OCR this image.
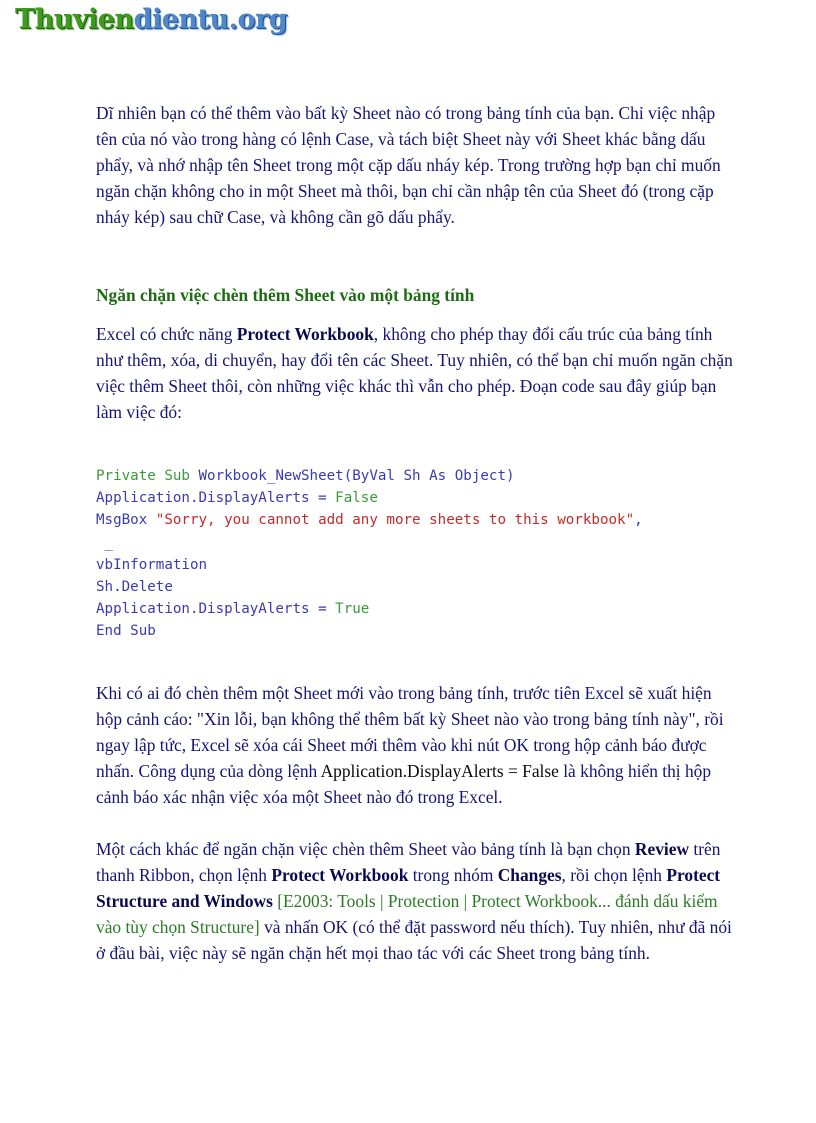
Thuviendientu.org

Dĩ nhiên bạn có thể thêm vào bất kỳ Sheet nào có trong bảng tính của bạn. Chỉ việc nhập tên của nó vào trong hàng có lệnh Case, và tách biệt Sheet này với Sheet khác bằng dấu phẩy, và nhớ nhập tên Sheet trong một cặp dấu nháy kép. Trong trường hợp bạn chỉ muốn ngăn chặn không cho in một Sheet mà thôi, bạn chỉ cần nhập tên của Sheet đó (trong cặp nháy kép) sau chữ Case, và không cần gõ dấu phẩy.

Ngăn chặn việc chèn thêm Sheet vào một bảng tính

Excel có chức năng Protect Workbook, không cho phép thay đổi cấu trúc của bảng tính như thêm, xóa, di chuyển, hay đổi tên các Sheet. Tuy nhiên, có thể bạn chỉ muốn ngăn chặn việc thêm Sheet thôi, còn những việc khác thì vẫn cho phép. Đoạn code sau đây giúp bạn làm việc đó:

Private Sub Workbook_NewSheet(ByVal Sh As Object)
Application.DisplayAlerts = False
MsgBox "Sorry, you cannot add any more sheets to this workbook",
_
vbInformation
Sh.Delete
Application.DisplayAlerts = True
End Sub

Khi có ai đó chèn thêm một Sheet mới vào trong bảng tính, trước tiên Excel sẽ xuất hiện hộp cảnh cáo: "Xin lỗi, bạn không thể thêm bất kỳ Sheet nào vào trong bảng tính này", rồi ngay lập tức, Excel sẽ xóa cái Sheet mới thêm vào khi nút OK trong hộp cảnh báo được nhấn. Công dụng của dòng lệnh Application.DisplayAlerts = False là không hiển thị hộp cảnh báo xác nhận việc xóa một Sheet nào đó trong Excel.

Một cách khác để ngăn chặn việc chèn thêm Sheet vào bảng tính là bạn chọn Review trên thanh Ribbon, chọn lệnh Protect Workbook trong nhóm Changes, rồi chọn lệnh Protect Structure and Windows [E2003: Tools | Protection | Protect Workbook... đánh dấu kiểm vào tùy chọn Structure] và nhấn OK (có thể đặt password nếu thích). Tuy nhiên, như đã nói ở đầu bài, việc này sẽ ngăn chặn hết mọi thao tác với các Sheet trong bảng tính.
